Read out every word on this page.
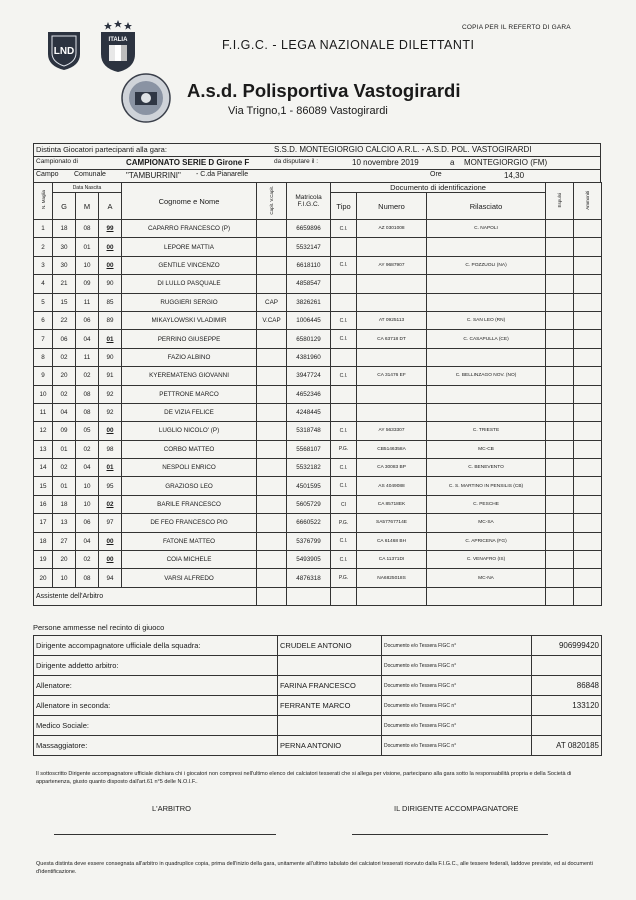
COPIA PER IL REFERTO DI GARA
LND
ITALIA	F.I.G.C. - LEGA NAZIONALE DILETTANTI
A.s.d. Polisportiva Vastogirardi
Via Trigno,1 - 86089 Vastogirardi
Distinta Giocatori partecipanti alla gara:	S.S.D. MONTEGIORGIO CALCIO A.R.L. - A.S.D. POL. VASTOGIRARDI
Campionato di	CAMPIONATO SERIE D Girone F	da disputare il :	10 novembre 2019	a MONTEGIORGIO (FM)
Campo Comunale	"TAMBURRINI" - C.da Pianarelle	Ore	14,30
N. Maglia	Data Nascita			Cognome e Nome	Capit. V.Capit.	Matricola F.I.G.C.	Documento di identificazione			Espulsi	Ammoniti
	G	M	A				Tipo	Numero	Rilasciato		
1	18	08	99	CAPARRO FRANCESCO (P)		6659896	C.I.	AZ 0301008	C. NAPOLI		
2	30	01	00	LEPORE MATTIA		5532147					
3	30	10	00	GENTILE VINCENZO		6618110	C.I.	AY 9687907	C. POZZUOLI (NA)		
4	21	09	90	DI LULLO PASQUALE		4858547					
5	15	11	85	RUGGIERI SERGIO	CAP	3826261					
6	22	06	89	MIKAYLOWSKI VLADIMIR	V.CAP	1006445	C.I.	AT 0925113	C. SAN LEO (RN)		
7	06	04	01	PERRINO GIUSEPPE		6580129	C.I.	CA 63718 DT	C. CASAPULLA (CE)		
8	02	11	90	FAZIO ALBINO		4381960					
9	20	02	91	KYEREMATENG GIOVANNI		3947724	C.I.	CA 31476 EF	C. BELLINZAGO NOV. (NO)		
10	02	08	92	PETTRONE MARCO		4652346					
11	04	08	92	DE VIZIA FELICE		4248445					
12	09	05	00	LUGLIO NICOLO' (P)		5318748	C.I.	AY 5633307	C. TRIESTE		
13	01	02	98	CORBO MATTEO		5568107	P.G.	CB5146358A	MC-CB		
14	02	04	01	NESPOLI ENRICO		5532182	C.I.	CA 30083 BP	C. BENEVENTO		
15	01	10	95	GRAZIOSO LEO		4501595	C.I.	AS 4049088	C. S. MARTINO IN PENSILIS (CB)		
16	18	10	02	BARILE FRANCESCO		5605729	CI	CA 85718EK	C. PESCHE		
17	13	06	97	DE FEO FRANCESCO PIO		6660522	P.G.	SA57767714E	MC-SA		
18	27	04	00	FATONE MATTEO		5376799	C.I.	CA 61468 BH	C. APRICENA (FG)		
19	20	02	00	COIA MICHELE		5493905	C.I.	CA 11371DI	C. VENAFRO (IS)		
20	10	08	94	VARSI ALFREDO		4876318	P.G.	NA6825018S	MC-NA		
Assistente dell'Arbitro											
Persone ammesse nel recinto di giuoco
Dirigente accompagnatore ufficiale della squadra:	CRUDELE ANTONIO	Documento e/o Tessera FIGC n°	906999420
Dirigente addetto arbitro:		Documento e/o Tessera FIGC n°	
Allenatore:	FARINA FRANCESCO	Documento e/o Tessera FIGC n°	86848
Allenatore in seconda:	FERRANTE MARCO	Documento e/o Tessera FIGC n°	133120
Medico Sociale:		Documento e/o Tessera FIGC n°	
Massaggiatore:	PERNA ANTONIO	Documento e/o Tessera FIGC n°	AT 0820185
Il sottoscritto Dirigente accompagnatore ufficiale dichiara chi i giocatori non compresi nell'ultimo elenco dei calciatori tesserati che si allega per visione, partecipano alla gara sotto la responsabilità propria e della Società di appartenenza, giusto quanto disposto dall'art.61 n°5 delle N.O.I.F..
L'ARBITRO	IL DIRIGENTE ACCOMPAGNATORE
Questa distinta deve essere consegnata all'arbitro in quadruplice copia, prima dell'inizio della gara, unitamente all'ultimo tabulato dei calciatori tesserati ricevuto dalla F.I.G.C., alle tessere federali, laddove previste, ed ai documenti d'identificazione.
